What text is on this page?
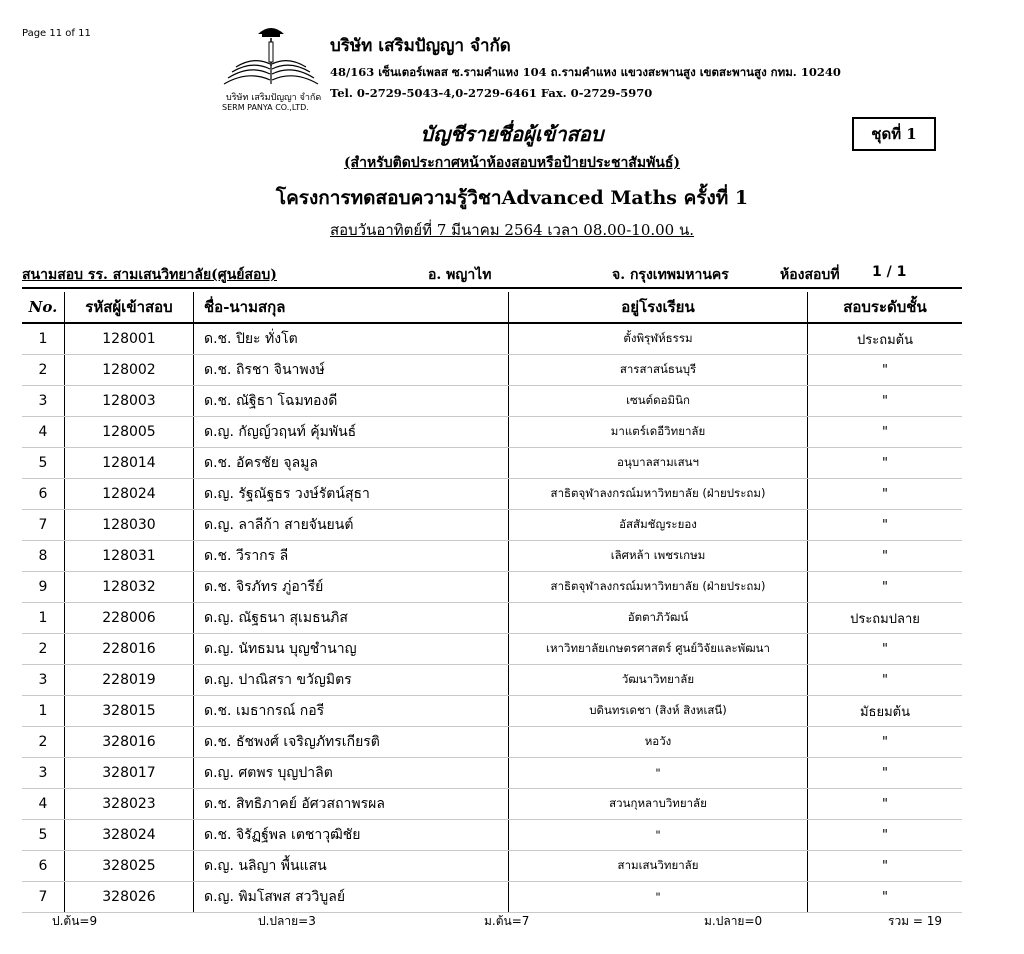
Page 11 of 11
บริษัท เสริมปัญญา จำกัด
SERM PANYA CO.,LTD.
บริษัท เสริมปัญญา จำกัด
48/163 เซ็นเตอร์เพลส ซ.รามคำแหง 104 ถ.รามคำแหง แขวงสะพานสูง เขตสะพานสูง กทม. 10240
Tel. 0-2729-5043-4,0-2729-6461 Fax. 0-2729-5970
ชุดที่ 1
บัญชีรายชื่อผู้เข้าสอบ
(สำหรับติดประกาศหน้าห้องสอบหรือป้ายประชาสัมพันธ์)
โครงการทดสอบความรู้วิชาAdvanced Maths ครั้งที่ 1
สอบวันอาทิตย์ที่ 7 มีนาคม 2564 เวลา 08.00-10.00 น.
สนามสอบ รร. สามเสนวิทยาลัย(ศูนย์สอบ)	อ. พญาไท	จ. กรุงเทพมหานคร	ห้องสอบที่ 1 / 1
No.	รหัสผู้เข้าสอบ	ชื่อ-นามสกุล	อยู่โรงเรียน	สอบระดับชั้น
1	128001	ด.ช. ปิยะ ทั่งโต	ตั้งพิรุฬห์ธรรม	ประถมต้น
2	128002	ด.ช. ถิรชา จินาพงษ์	สารสาสน์ธนบุรี	"
3	128003	ด.ช. ณัฐิธา โฉมทองดี	เซนต์ดอมินิก	"
4	128005	ด.ญ. กัญญ์วฤนท์ คุ้มพันธ์	มาแตร์เดอีวิทยาลัย	"
5	128014	ด.ช. อัครชัย จุลมูล	อนุบาลสามเสนฯ	"
6	128024	ด.ญ. รัฐณัฐธร วงษ์รัตน์สุธา	สาธิตจุฬาลงกรณ์มหาวิทยาลัย (ฝ่ายประถม)	"
7	128030	ด.ญ. ลาลีก้า สายจันยนต์	อัสสัมชัญระยอง	"
8	128031	ด.ช. วีรากร ลี	เลิศหล้า เพชรเกษม	"
9	128032	ด.ช. จิรภัทร ภู่อารีย์	สาธิตจุฬาลงกรณ์มหาวิทยาลัย (ฝ่ายประถม)	"
1	228006	ด.ญ. ณัฐธนา สุเมธนภิส	อัตตาภิวัฒน์	ประถมปลาย
2	228016	ด.ญ. นัทธมน บุญชำนาญ	เหาวิทยาลัยเกษตรศาสตร์ ศูนย์วิจัยและพัฒนา	"
3	228019	ด.ญ. ปาณิสรา ขวัญมิตร	วัฒนาวิทยาลัย	"
1	328015	ด.ช. เมธากรณ์ กอรี	บดินทรเดชา (สิงห์ สิงหเสนี)	มัธยมต้น
2	328016	ด.ช. ธัชพงศ์ เจริญภัทรเกียรติ	หอวัง	"
3	328017	ด.ญ. ศตพร บุญปาลิต	"	"
4	328023	ด.ช. สิทธิภาคย์ อัศวสถาพรผล	สวนกุหลาบวิทยาลัย	"
5	328024	ด.ช. จิรัฏฐ์พล เตชาวุฒิชัย	"	"
6	328025	ด.ญ. นลิญา พื้นแสน	สามเสนวิทยาลัย	"
7	328026	ด.ญ. พิมโสพส สววิบูลย์	"	"
ป.ต้น=9	ป.ปลาย=3	ม.ต้น=7	ม.ปลาย=0	รวม = 19
